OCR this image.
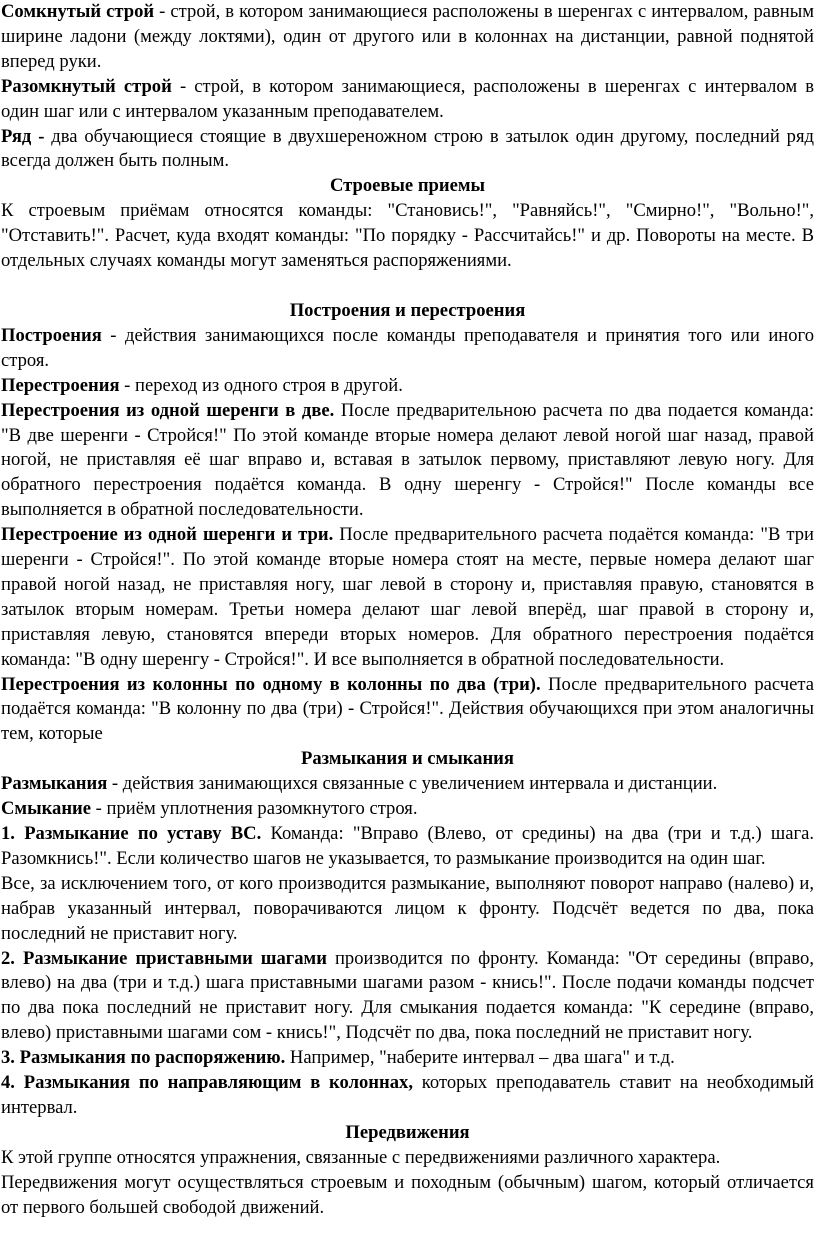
Сомкнутый строй - строй, в котором занимающиеся расположены в шеренгах с интервалом, равным ширине ладони (между локтями), один от другого или в колоннах на дистанции, равной поднятой вперед руки.

Разомкнутый строй - строй, в котором занимающиеся, расположены в шеренгах с интервалом в один шаг или с интервалом указанным преподавателем.

Ряд - два обучающиеся стоящие в двухшереножном строю в затылок один другому, последний ряд всегда должен быть полным.

Строевые приемы

К строевым приёмам относятся команды: "Становись!", "Равняйсь!", "Смирно!", "Вольно!", "Отставить!". Расчет, куда входят команды: "По порядку - Рассчитайсь!" и др. Повороты на месте. В отдельных случаях команды могут заменяться распоряжениями.

Построения и перестроения

Построения - действия занимающихся после команды преподавателя и принятия того или иного строя.

Перестроения - переход из одного строя в другой.

Перестроения из одной шеренги в две. После предварительною расчета по два подается команда: "В две шеренги - Стройся!" По этой команде вторые номера делают левой ногой шаг назад, правой ногой, не приставляя её шаг вправо и, вставая в затылок первому, приставляют левую ногу. Для обратного перестроения подаётся команда. В одну шеренгу - Стройся!" После команды все выполняется в обратной последовательности.

Перестроение из одной шеренги и три. После предварительного расчета подаётся команда: "В три шеренги - Стройся!". По этой команде вторые номера стоят на месте, первые номера делают шаг правой ногой назад, не приставляя ногу, шаг левой в сторону и, приставляя правую, становятся в затылок вторым номерам. Третьи номера делают шаг левой вперёд, шаг правой в сторону и, приставляя левую, становятся впереди вторых номеров. Для обратного перестроения подаётся команда: "В одну шеренгу - Стройся!". И все выполняется в обратной последовательности.

Перестроения из колонны по одному в колонны по два (три). После предварительного расчета подаётся команда: "В колонну по два (три) - Стройся!". Действия обучающихся при этом аналогичны тем, которые

Размыкания и смыкания

Размыкания - действия занимающихся связанные с увеличением интервала и дистанции.

Смыкание - приём уплотнения разомкнутого строя.

1. Размыкание по уставу ВС. Команда: "Вправо (Влево, от средины) на два (три и т.д.) шага. Разомкнись!". Если количество шагов не указывается, то размыкание производится на один шаг.

Все, за исключением того, от кого производится размыкание, выполняют поворот направо (налево) и, набрав указанный интервал, поворачиваются лицом к фронту. Подсчёт ведется по два, пока последний не приставит ногу.

2. Размыкание приставными шагами производится по фронту. Команда: "От середины (вправо, влево) на два (три и т.д.) шага приставными шагами разом - кнись!". После подачи команды подсчет по два пока последний не приставит ногу. Для смыкания подается команда: "К середине (вправо, влево) приставными шагами сом - кнись!", Подсчёт по два, пока последний не приставит ногу.

3. Размыкания по распоряжению. Например, "наберите интервал – два шага" и т.д.

4. Размыкания по направляющим в колоннах, которых преподаватель ставит на необходимый интервал.

Передвижения

К этой группе относятся упражнения, связанные с передвижениями различного характера.

Передвижения могут осуществляться строевым и походным (обычным) шагом, который отличается от первого большей свободой движений.
